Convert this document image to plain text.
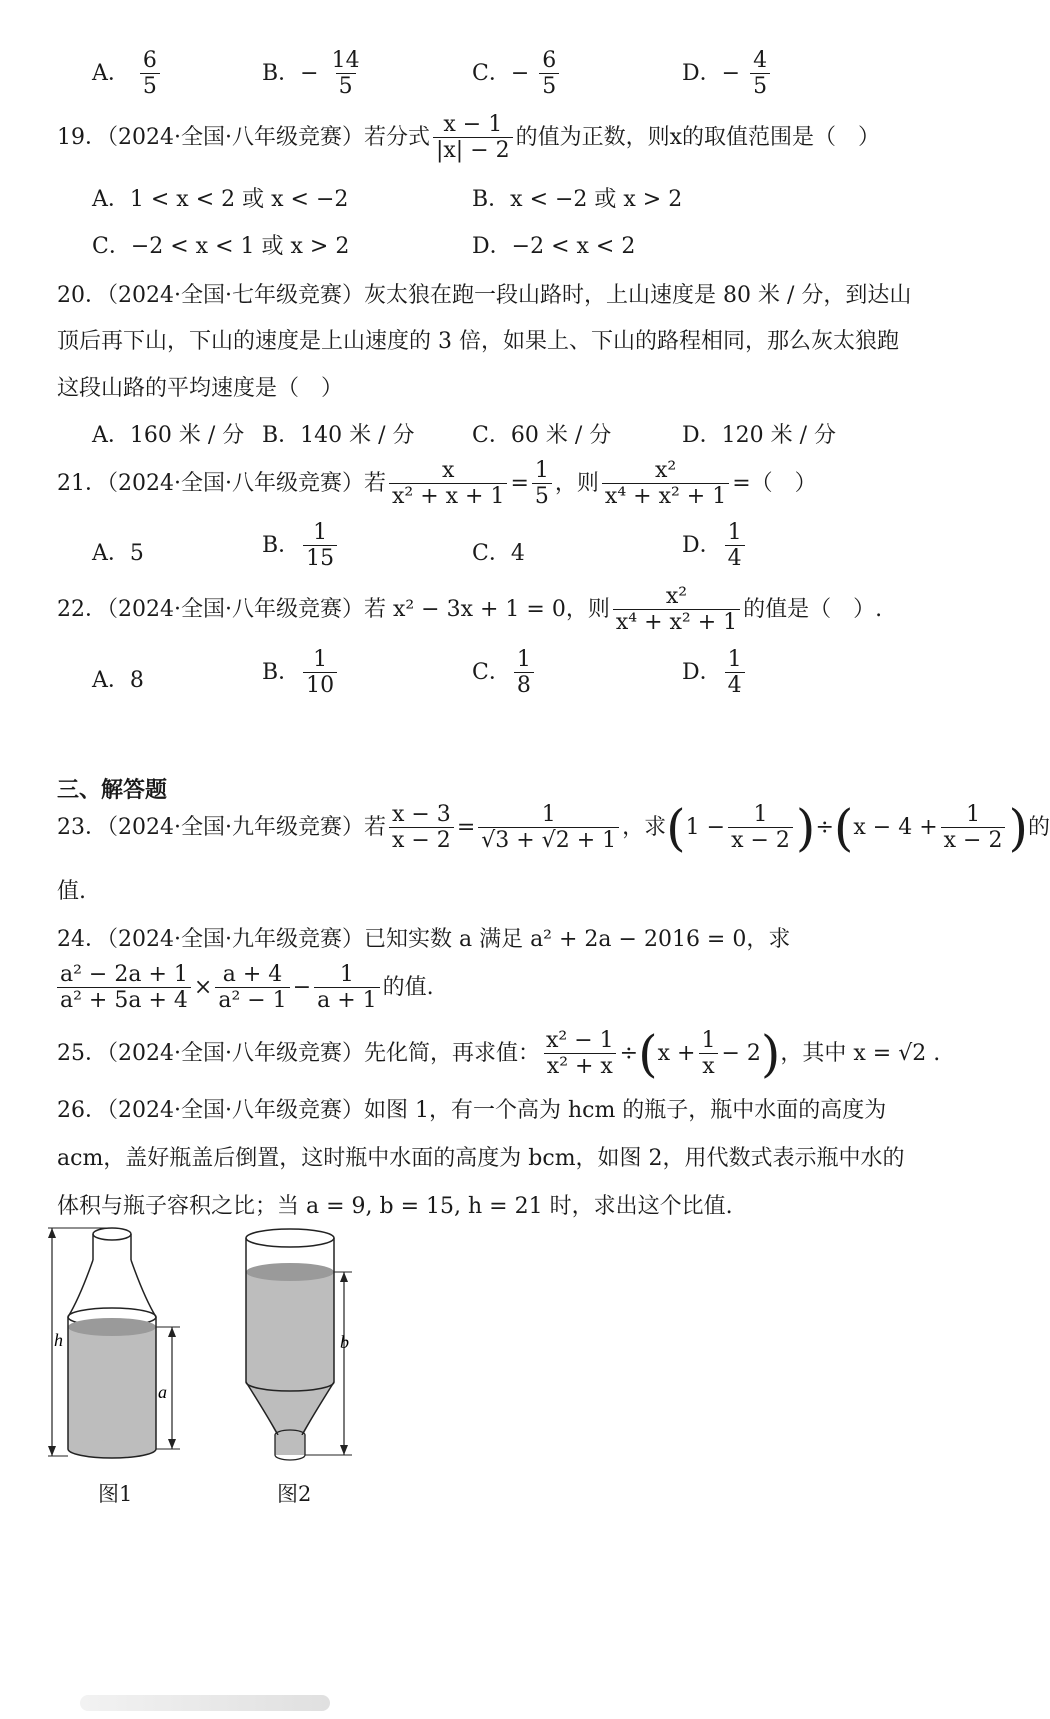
A． $\frac{6}{5}$	B．− $\frac{14}{5}$	C．− $\frac{6}{5}$	D．− $\frac{4}{5}$
19．（2024·全国·八年级竞赛）若分式 $\frac{x - 1}{|x| - 2}$ 的值为正数，则x的取值范围是（　）
A．1 < x < 2 或 x < −2	B．x < −2 或 x > 2
C．−2 < x < 1 或 x > 2	D．−2 < x < 2
20．（2024·全国·七年级竞赛）灰太狼在跑一段山路时，上山速度是 80 米 / 分，到达山
顶后再下山，下山的速度是上山速度的 3 倍，如果上、下山的路程相同，那么灰太狼跑
这段山路的平均速度是（　）
A．160 米 / 分 B．140 米 / 分	C．60 米 / 分	D．120 米 / 分
21．（2024·全国·八年级竞赛）若 $\frac{x}{\text{x² + x + 1}} = \frac{1}{5}$ ，则 $\frac{\text{x²}}{\text{x⁴ + x² + 1}}$ =（　）
A．5	B． $\frac{1}{15}$	C．4	D． $\frac{1}{4}$
22．（2024·全国·八年级竞赛）若 x² − 3x + 1 = 0，则 $\frac{\text{x²}}{\text{x⁴ + x² + 1}}$ 的值是（　）.
A．8	B． $\frac{1}{10}$	C． $\frac{1}{8}$	D． $\frac{1}{4}$
三、解答题
23．（2024·全国·九年级竞赛）若 $\frac{x - 3}{x - 2} = \frac{1}{√3 + √2 + 1}$ ，求$(1 - \frac{1}{x - 2} )\div(x - 4 + \frac{1}{x - 2}$ )的
值.
24．（2024·全国·九年级竞赛）已知实数 a 满足 a² + 2a − 2016 = 0，求
$\frac{\text{a² − 2a + 1}}{\text{a² + 5a + 4}} \times \frac{a + 4}{\text{a² − 1}} - \frac{1}{a + 1}$ 的值.
25．（2024·全国·八年级竞赛）先化简，再求值： $\frac{\text{x² − 1}}{\text{x² + x}} \div(x + \frac{1}{x} - 2)$，其中 x = √2 .
26．（2024·全国·八年级竞赛）如图 1，有一个高为 hcm 的瓶子，瓶中水面的高度为
acm，盖好瓶盖后倒置，这时瓶中水面的高度为 bcm，如图 2，用代数式表示瓶中水的
体积与瓶子容积之比；当 a = 9, b = 15, h = 21 时，求出这个比值.
h
a
图1
b
图2
